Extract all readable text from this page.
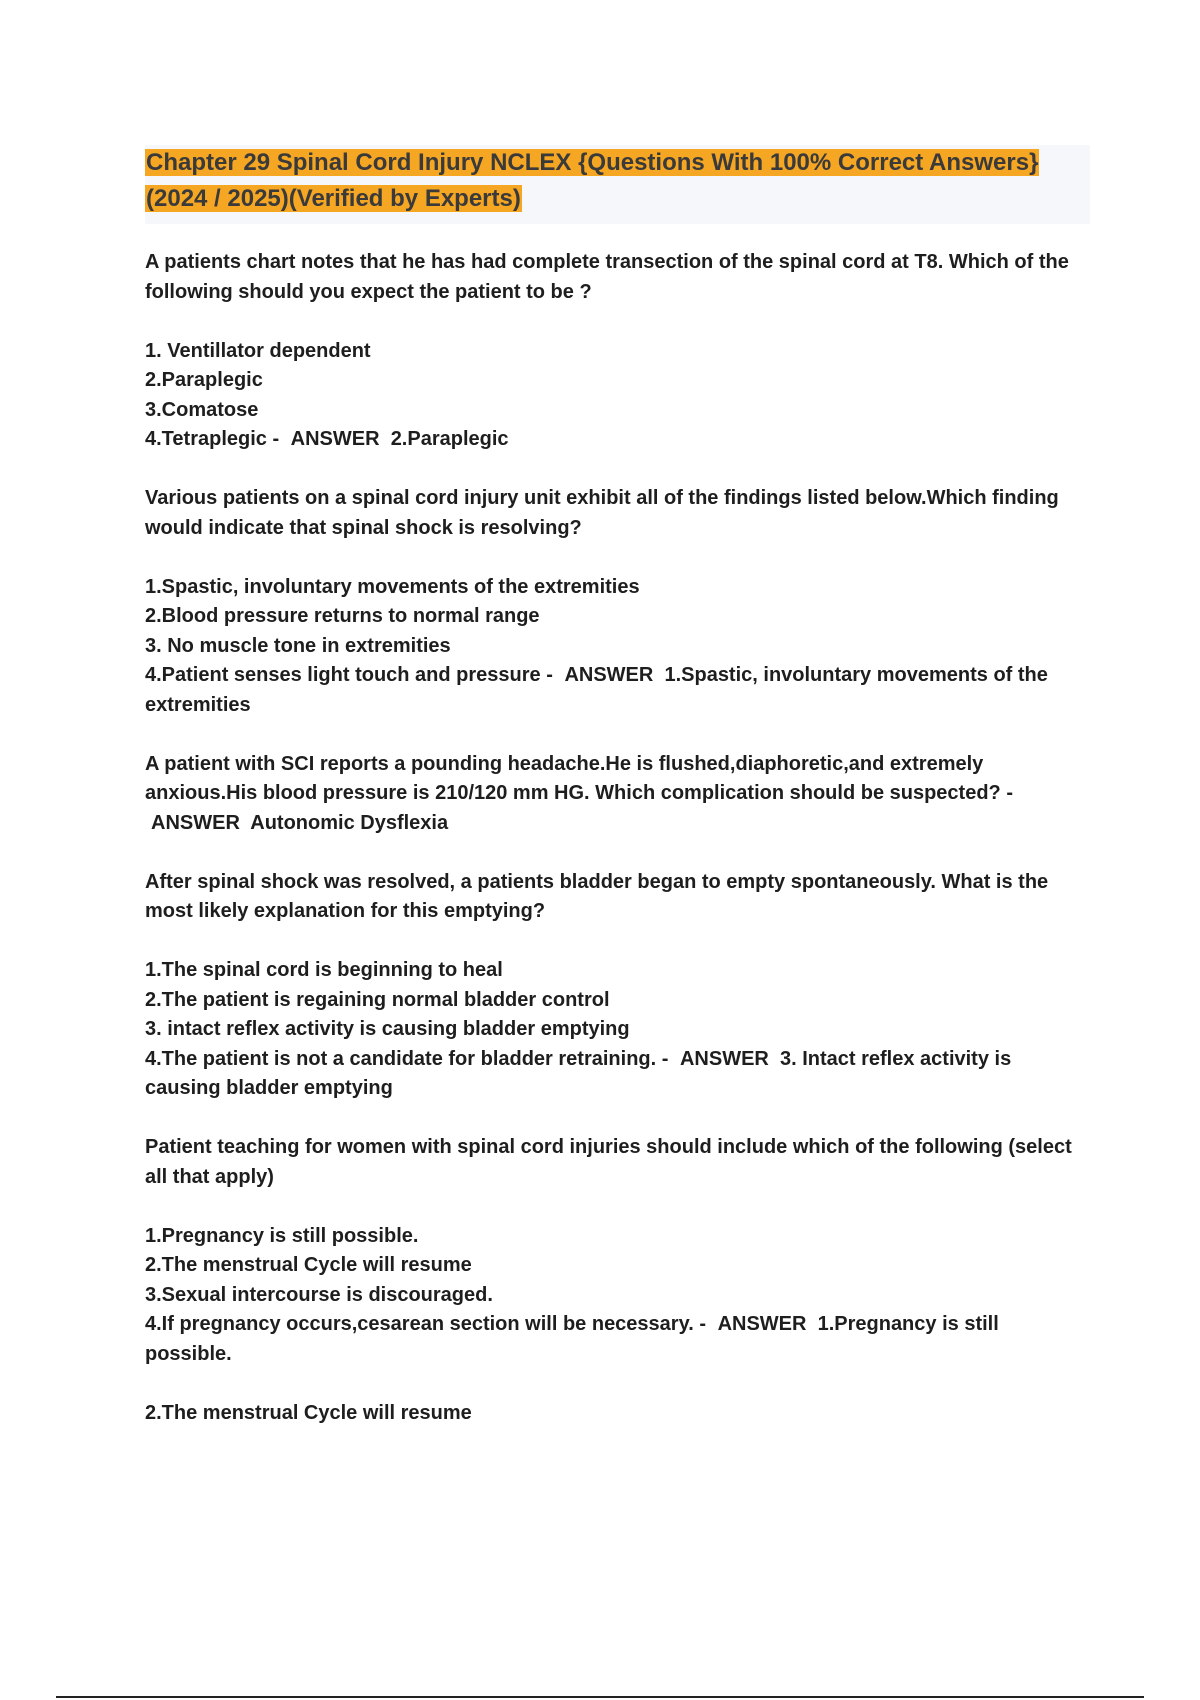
Chapter 29 Spinal Cord Injury NCLEX {Questions With 100% Correct Answers} (2024 / 2025)(Verified by Experts)

A patients chart notes that he has had complete transection of the spinal cord at T8. Which of the following should you expect the patient to be ?

1. Ventillator dependent
2.Paraplegic
3.Comatose
4.Tetraplegic - ANSWER 2.Paraplegic

Various patients on a spinal cord injury unit exhibit all of the findings listed below.Which finding would indicate that spinal shock is resolving?

1.Spastic, involuntary movements of the extremities
2.Blood pressure returns to normal range
3. No muscle tone in extremities
4.Patient senses light touch and pressure - ANSWER 1.Spastic, involuntary movements of the extremities

A patient with SCI reports a pounding headache.He is flushed,diaphoretic,and extremely anxious.His blood pressure is 210/120 mm HG. Which complication should be suspected? - ANSWER Autonomic Dysflexia

After spinal shock was resolved, a patients bladder began to empty spontaneously. What is the most likely explanation for this emptying?

1.The spinal cord is beginning to heal
2.The patient is regaining normal bladder control
3. intact reflex activity is causing bladder emptying
4.The patient is not a candidate for bladder retraining. - ANSWER 3. Intact reflex activity is causing bladder emptying

Patient teaching for women with spinal cord injuries should include which of the following (select all that apply)

1.Pregnancy is still possible.
2.The menstrual Cycle will resume
3.Sexual intercourse is discouraged.
4.If pregnancy occurs,cesarean section will be necessary. - ANSWER 1.Pregnancy is still possible.

2.The menstrual Cycle will resume
